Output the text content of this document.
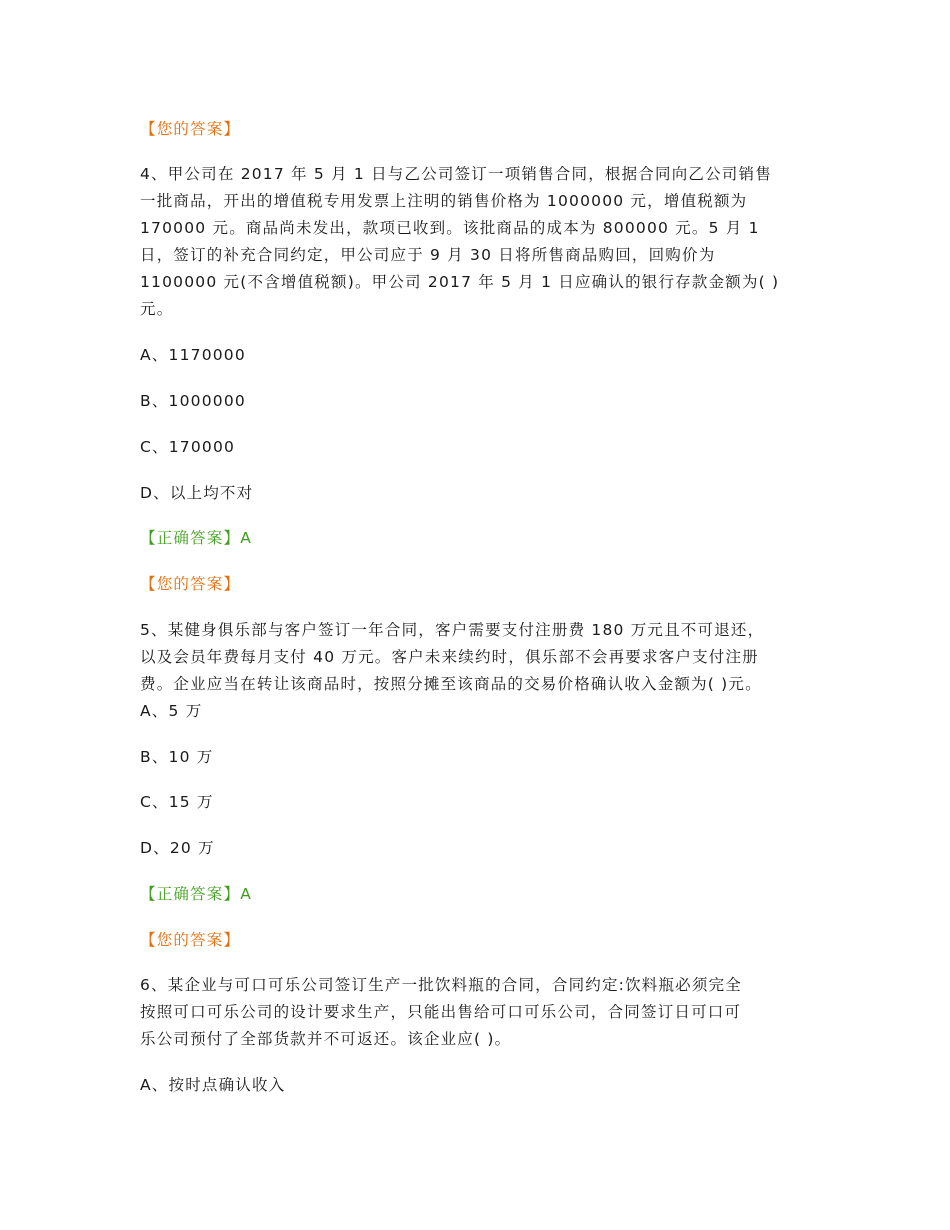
【您的答案】
4、甲公司在 2017 年 5 月 1 日与乙公司签订一项销售合同，根据合同向乙公司销售
一批商品，开出的增值税专用发票上注明的销售价格为 1000000 元，增值税额为
170000 元。商品尚未发出，款项已收到。该批商品的成本为 800000 元。5 月 1
日，签订的补充合同约定，甲公司应于 9 月 30 日将所售商品购回，回购价为
1100000 元(不含增值税额)。甲公司 2017 年 5 月 1 日应确认的银行存款金额为( )
元。
A、1170000
B、1000000
C、170000
D、以上均不对
【正确答案】A
【您的答案】
5、某健身俱乐部与客户签订一年合同，客户需要支付注册费 180 万元且不可退还，
以及会员年费每月支付 40 万元。客户未来续约时，俱乐部不会再要求客户支付注册
费。企业应当在转让该商品时，按照分摊至该商品的交易价格确认收入金额为( )元。
A、5 万
B、10 万
C、15 万
D、20 万
【正确答案】A
【您的答案】
6、某企业与可口可乐公司签订生产一批饮料瓶的合同，合同约定:饮料瓶必须完全
按照可口可乐公司的设计要求生产，只能出售给可口可乐公司，合同签订日可口可
乐公司预付了全部货款并不可返还。该企业应( )。
A、按时点确认收入
